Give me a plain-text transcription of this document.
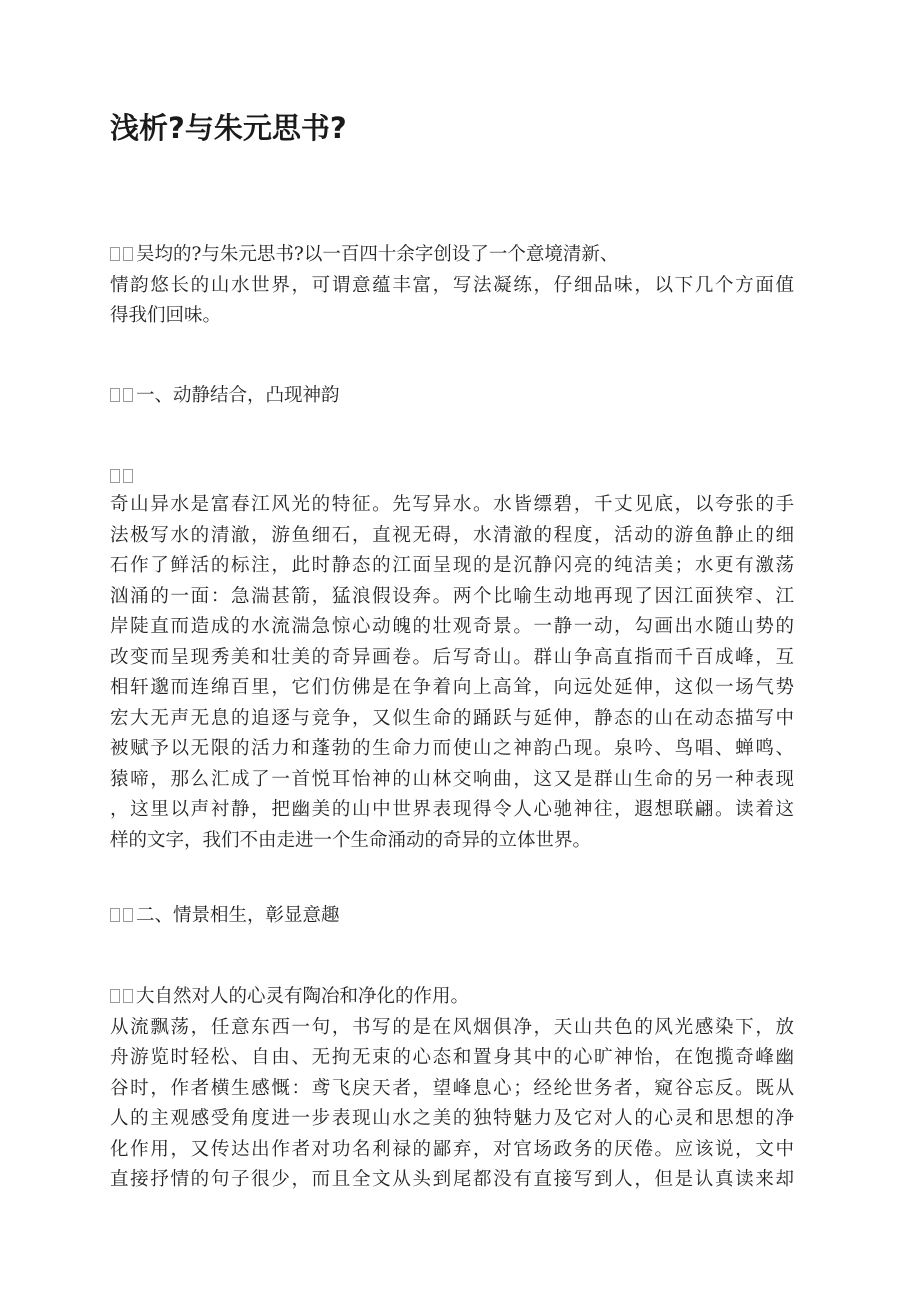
浅析?与朱元思书?
吴均的?与朱元思书?以一百四十余字创设了一个意境清新、
情韵悠长的山水世界，可谓意蕴丰富，写法凝练，仔细品味，以下几个方面值
得我们回味。
一、动静结合，凸现神韵
奇山异水是富春江风光的特征。先写异水。水皆缥碧，千丈见底，以夸张的手
法极写水的清澈，游鱼细石，直视无碍，水清澈的程度，活动的游鱼静止的细
石作了鲜活的标注，此时静态的江面呈现的是沉静闪亮的纯洁美；水更有激荡
汹涌的一面：急湍甚箭，猛浪假设奔。两个比喻生动地再现了因江面狭窄、江
岸陡直而造成的水流湍急惊心动魄的壮观奇景。一静一动，勾画出水随山势的
改变而呈现秀美和壮美的奇异画卷。后写奇山。群山争高直指而千百成峰，互
相轩邈而连绵百里，它们仿佛是在争着向上高耸，向远处延伸，这似一场气势
宏大无声无息的追逐与竞争，又似生命的踊跃与延伸，静态的山在动态描写中
被赋予以无限的活力和蓬勃的生命力而使山之神韵凸现。泉吟、鸟唱、蝉鸣、
猿啼，那么汇成了一首悦耳怡神的山林交响曲，这又是群山生命的另一种表现
，这里以声衬静，把幽美的山中世界表现得令人心驰神往，遐想联翩。读着这
样的文字，我们不由走进一个生命涌动的奇异的立体世界。
二、情景相生，彰显意趣
大自然对人的心灵有陶冶和净化的作用。
从流飘荡，任意东西一句，书写的是在风烟俱净，天山共色的风光感染下，放
舟游览时轻松、自由、无拘无束的心态和置身其中的心旷神怡，在饱揽奇峰幽
谷时，作者横生感慨：鸢飞戾天者，望峰息心；经纶世务者，窥谷忘反。既从
人的主观感受角度进一步表现山水之美的独特魅力及它对人的心灵和思想的净
化作用，又传达出作者对功名利禄的鄙弃，对官场政务的厌倦。应该说，文中
直接抒情的句子很少，而且全文从头到尾都没有直接写到人，但是认真读来却
